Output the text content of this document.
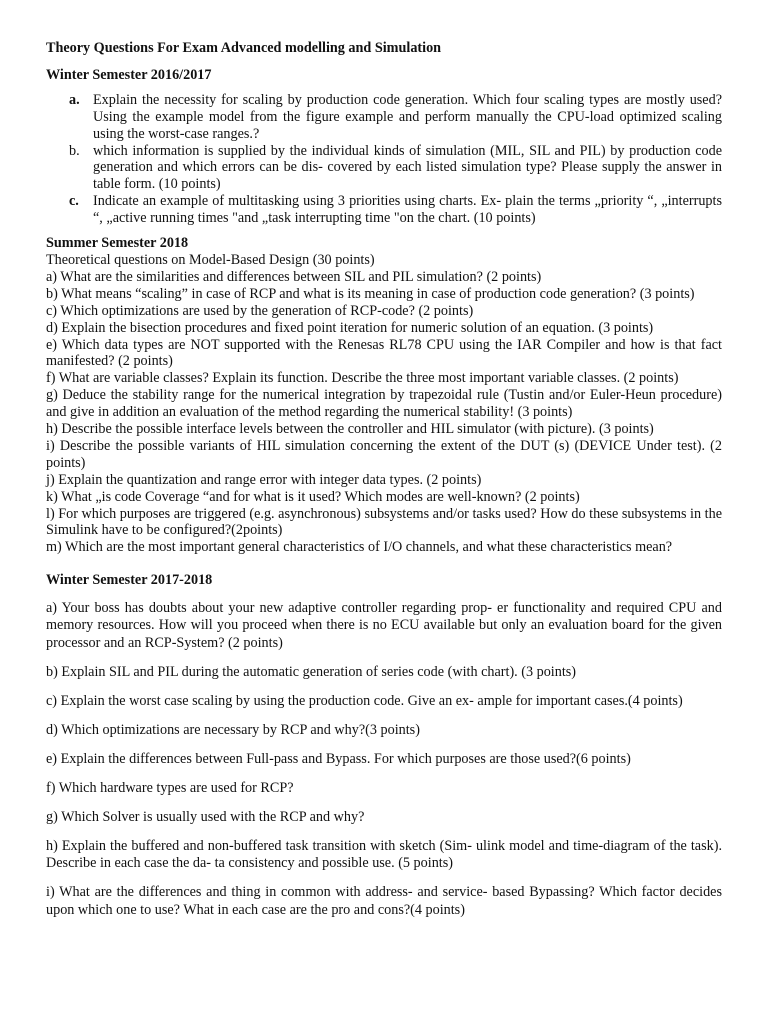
Theory Questions For Exam Advanced modelling and Simulation

Winter Semester 2016/2017

a. Explain the necessity for scaling by production code generation. Which four scaling types are mostly used? Using the example model from the figure example and perform manually the CPU-load optimized scaling using the worst-case ranges.?
b. which information is supplied by the individual kinds of simulation (MIL, SIL and PIL) by production code generation and which errors can be dis- covered by each listed simulation type? Please supply the answer in table form. (10 points)
c. Indicate an example of multitasking using 3 priorities using charts. Ex- plain the terms „priority “, „interrupts “, „active running times "and „task interrupting time "on the chart. (10 points)

Summer Semester 2018

Theoretical questions on Model-Based Design (30 points)

a) What are the similarities and differences between SIL and PIL simulation? (2 points)

b) What means “scaling” in case of RCP and what is its meaning in case of production code generation? (3 points)

c) Which optimizations are used by the generation of RCP-code? (2 points)

d) Explain the bisection procedures and fixed point iteration for numeric solution of an equation. (3 points)

e) Which data types are NOT supported with the Renesas RL78 CPU using the IAR Compiler and how is that fact manifested? (2 points)

f) What are variable classes? Explain its function. Describe the three most important variable classes. (2 points)

g) Deduce the stability range for the numerical integration by trapezoidal rule (Tustin and/or Euler-Heun procedure) and give in addition an evaluation of the method regarding the numerical stability! (3 points)

h) Describe the possible interface levels between the controller and HIL simulator (with picture). (3 points)

i) Describe the possible variants of HIL simulation concerning the extent of the DUT (s) (DEVICE Under test). (2 points)

j) Explain the quantization and range error with integer data types. (2 points)

k) What „is code Coverage “and for what is it used? Which modes are well-known? (2 points)

l) For which purposes are triggered (e.g. asynchronous) subsystems and/or tasks used? How do these subsystems in the Simulink have to be configured?(2points)

m) Which are the most important general characteristics of I/O channels, and what these characteristics mean?

Winter Semester 2017-2018

a) Your boss has doubts about your new adaptive controller regarding prop- er functionality and required CPU and memory resources. How will you proceed when there is no ECU available but only an evaluation board for the given processor and an RCP-System? (2 points)

b) Explain SIL and PIL during the automatic generation of series code (with chart). (3 points)

c) Explain the worst case scaling by using the production code. Give an ex- ample for important cases.(4 points)

d) Which optimizations are necessary by RCP and why?(3 points)

e) Explain the differences between Full-pass and Bypass. For which purposes are those used?(6 points)

f) Which hardware types are used for RCP?

g) Which Solver is usually used with the RCP and why?

h) Explain the buffered and non-buffered task transition with sketch (Sim- ulink model and time-diagram of the task). Describe in each case the da- ta consistency and possible use. (5 points)

i) What are the differences and thing in common with address- and service- based Bypassing? Which factor decides upon which one to use? What in each case are the pro and cons?(4 points)
